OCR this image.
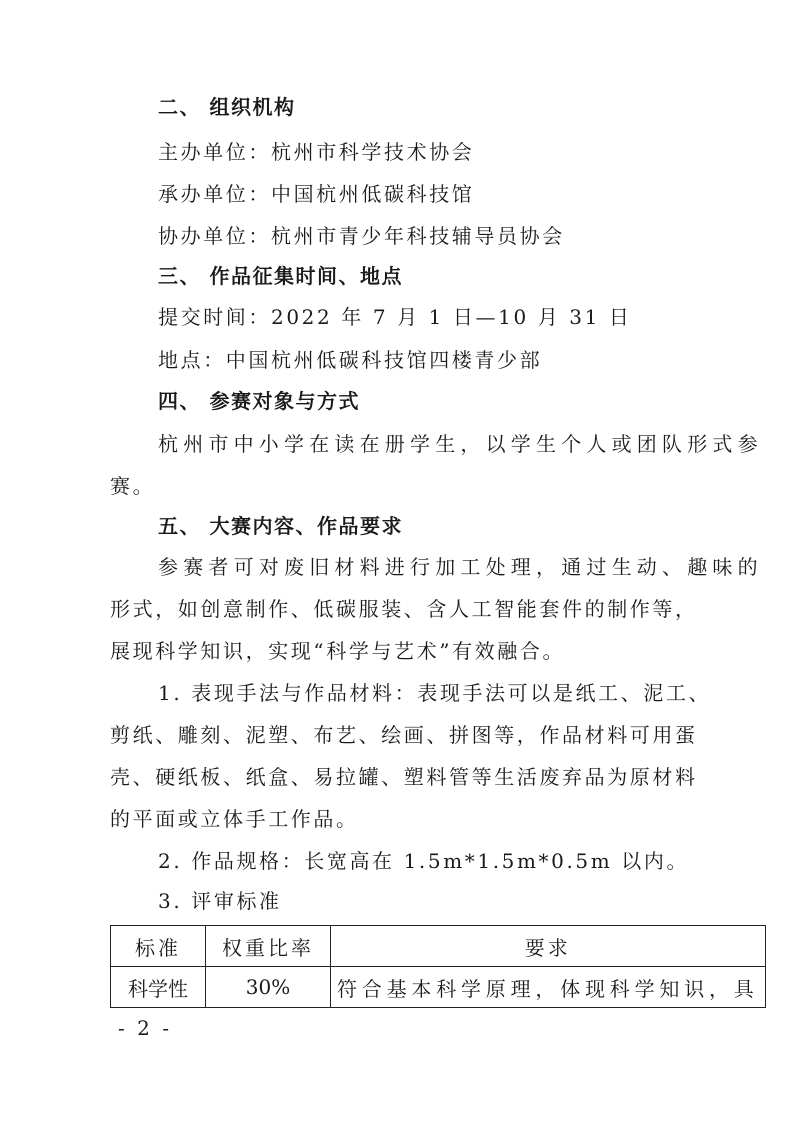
二、 组织机构
主办单位：杭州市科学技术协会
承办单位：中国杭州低碳科技馆
协办单位：杭州市青少年科技辅导员协会
三、 作品征集时间、地点
提交时间：2022 年 7 月 1 日—10 月 31 日
地点：中国杭州低碳科技馆四楼青少部
四、 参赛对象与方式
杭州市中小学在读在册学生，以学生个人或团队形式参
赛。
五、 大赛内容、作品要求
参赛者可对废旧材料进行加工处理，通过生动、趣味的
形式，如创意制作、低碳服装、含人工智能套件的制作等，
展现科学知识，实现“科学与艺术”有效融合。
1. 表现手法与作品材料：表现手法可以是纸工、泥工、
剪纸、雕刻、泥塑、布艺、绘画、拼图等，作品材料可用蛋
壳、硬纸板、纸盒、易拉罐、塑料管等生活废弃品为原材料
的平面或立体手工作品。
2. 作品规格：长宽高在 1.5m*1.5m*0.5m 以内。
3. 评审标准
标准	权重比率	要求
科学性	30%	符合基本科学原理，体现科学知识，具
- 2 -
